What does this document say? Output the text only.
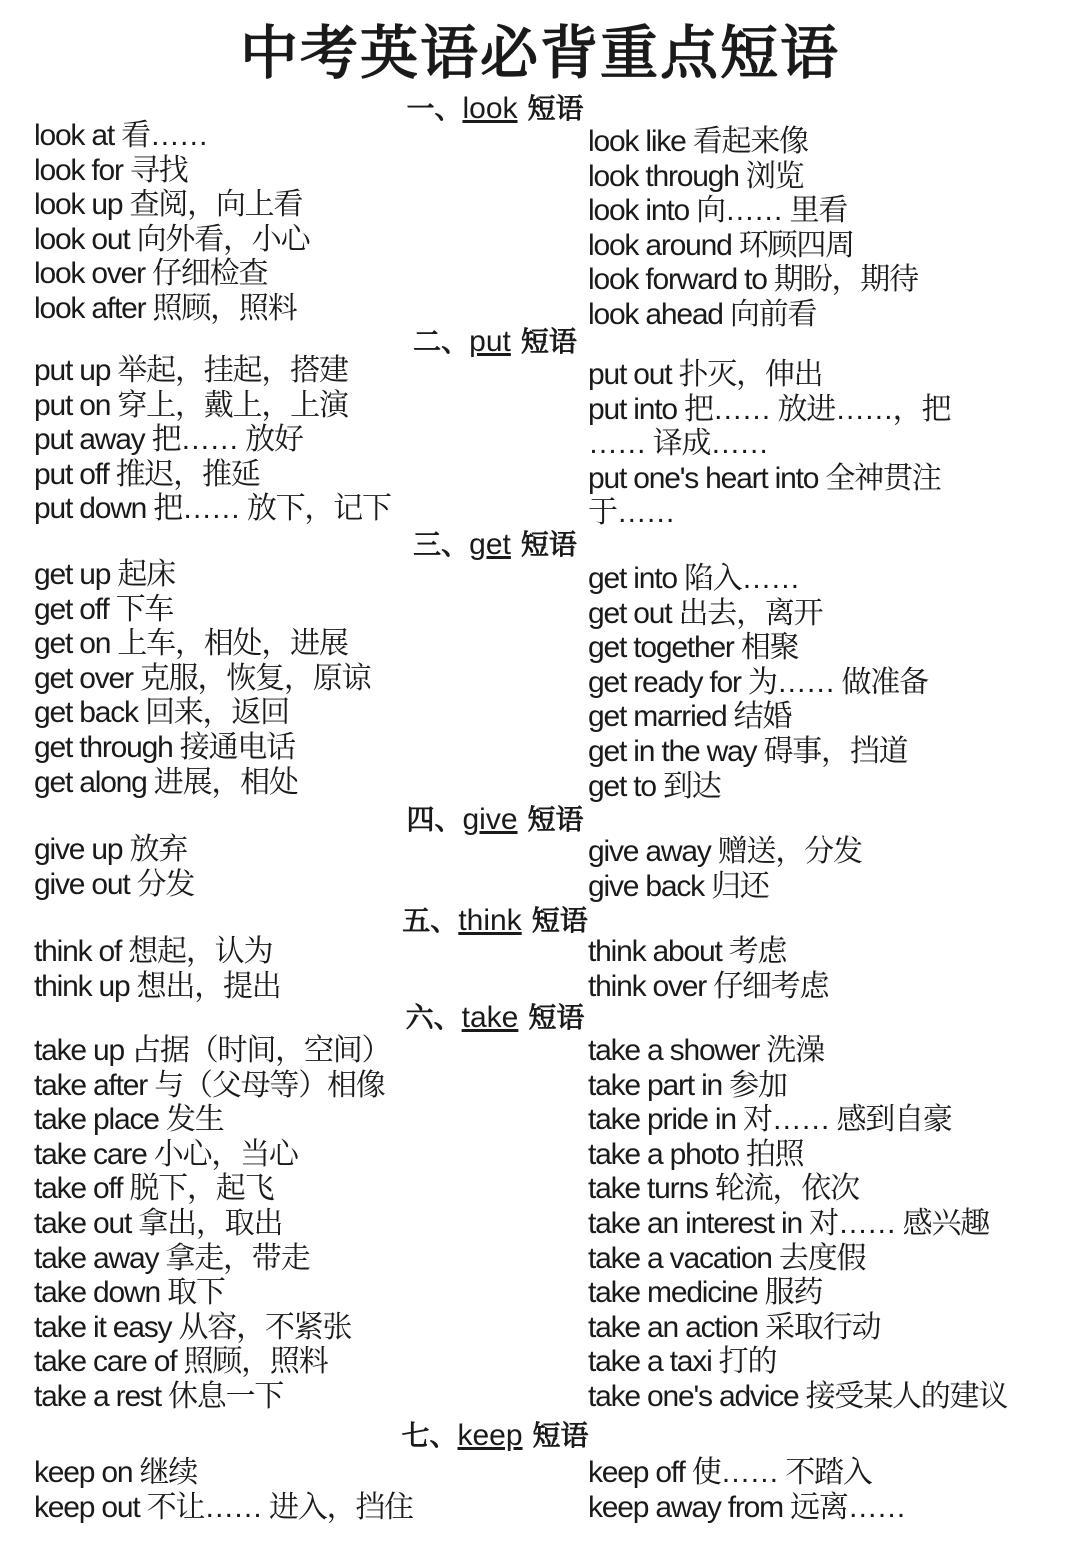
中考英语必背重点短语
一、look 短语
look at 看……
look for 寻找
look up 查阅，向上看
look out 向外看，小心
look over 仔细检查
look after 照顾，照料
look like 看起来像
look through 浏览
look into 向…… 里看
look around 环顾四周
look forward to 期盼，期待
look ahead 向前看
二、put 短语
put up 举起，挂起，搭建
put on 穿上，戴上，上演
put away 把…… 放好
put off 推迟，推延
put down 把…… 放下，记下
put out 扑灭，伸出
put into 把…… 放进……，把
…… 译成……
put one's heart into 全神贯注
于……
三、get 短语
get up 起床
get off 下车
get on 上车，相处，进展
get over 克服，恢复，原谅
get back 回来，返回
get through 接通电话
get along 进展，相处
get into 陷入……
get out 出去，离开
get together 相聚
get ready for 为…… 做准备
get married 结婚
get in the way 碍事，挡道
get to 到达
四、give 短语
give up 放弃
give out 分发
give away 赠送，分发
give back 归还
五、think 短语
think of 想起，认为
think up 想出，提出
think about 考虑
think over 仔细考虑
六、take 短语
take up 占据（时间，空间）
take after 与（父母等）相像
take place 发生
take care 小心，当心
take off 脱下，起飞
take out 拿出，取出
take away 拿走，带走
take down 取下
take it easy 从容，不紧张
take care of 照顾，照料
take a rest 休息一下
take a shower 洗澡
take part in 参加
take pride in 对…… 感到自豪
take a photo 拍照
take turns 轮流，依次
take an interest in 对…… 感兴趣
take a vacation 去度假
take medicine 服药
take an action 采取行动
take a taxi 打的
take one's advice 接受某人的建议
七、keep 短语
keep on 继续
keep out 不让…… 进入，挡住
keep off 使…… 不踏入
keep away from 远离……
